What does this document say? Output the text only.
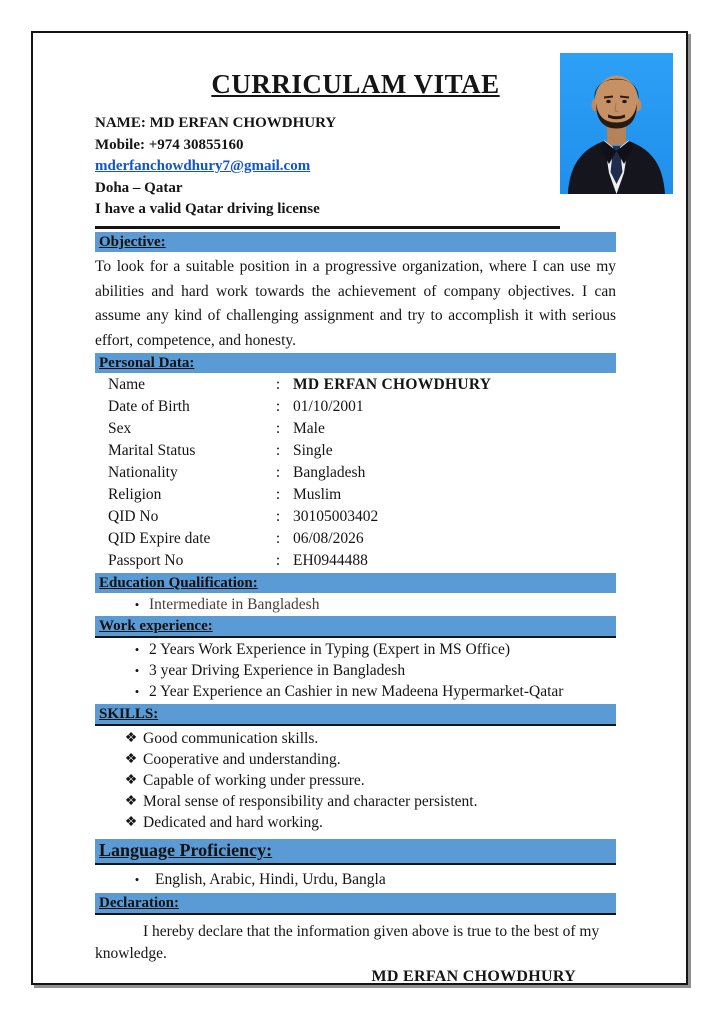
CURRICULAM VITAE
NAME: MD ERFAN CHOWDHURY
Mobile: +974 30855160
mderfanchowdhury7@gmail.com
Doha – Qatar
I have a valid Qatar driving license
Objective:
To look for a suitable position in a progressive organization, where I can use my abilities and hard work towards the achievement of company objectives. I can assume any kind of challenging assignment and try to accomplish it with serious effort, competence, and honesty.
Personal Data:
Name	: MD ERFAN CHOWDHURY
Date of Birth	: 01/10/2001
Sex	: Male
Marital Status	: Single
Nationality	: Bangladesh
Religion	: Muslim
QID No	: 30105003402
QID Expire date	: 06/08/2026
Passport No	: EH0944488
Education Qualification:
• Intermediate in Bangladesh
Work experience:
• 2 Years Work Experience in Typing (Expert in MS Office)
• 3 year Driving Experience in Bangladesh
• 2 Year Experience an Cashier in new Madeena Hypermarket-Qatar
SKILLS:
❖ Good communication skills.
❖ Cooperative and understanding.
❖ Capable of working under pressure.
❖ Moral sense of responsibility and character persistent.
❖ Dedicated and hard working.
Language Proficiency:
•	English, Arabic, Hindi, Urdu, Bangla
Declaration:
I hereby declare that the information given above is true to the best of my knowledge.
MD ERFAN CHOWDHURY
